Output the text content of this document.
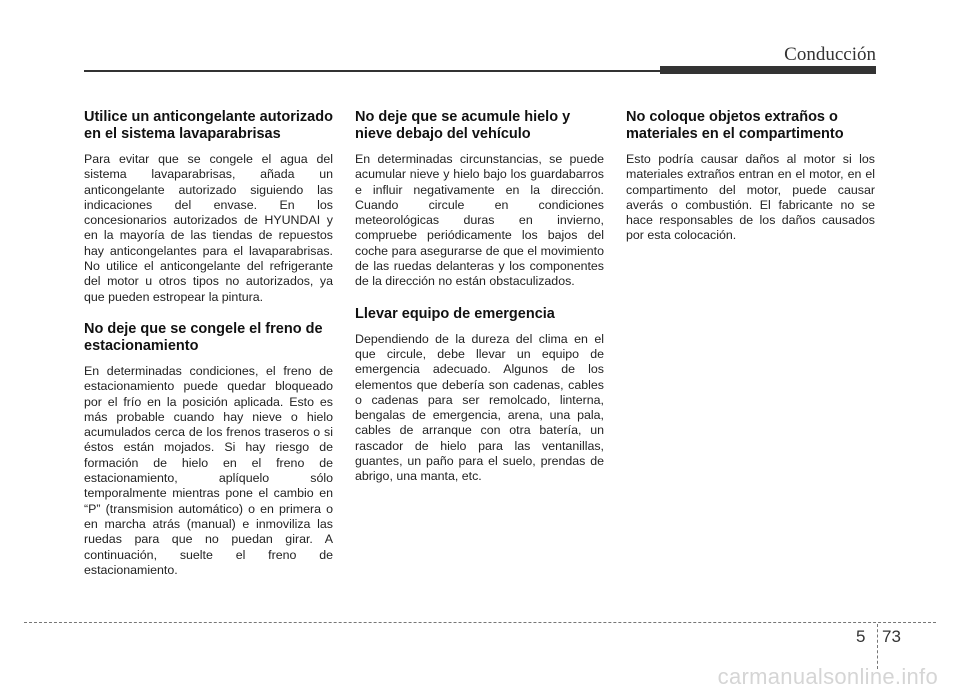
Conducción
Utilice un anticongelante autorizado en el sistema lavaparabrisas

Para evitar que se congele el agua del sistema lavaparabrisas, añada un anticongelante autorizado siguiendo las indicaciones del envase. En los concesionarios autorizados de HYUNDAI y en la mayoría de las tiendas de repuestos hay anticongelantes para el lavaparabrisas. No utilice el anticongelante del refrigerante del motor u otros tipos no autorizados, ya que pueden estropear la pintura.

No deje que se congele el freno de estacionamiento

En determinadas condiciones, el freno de estacionamiento puede quedar bloqueado por el frío en la posición aplicada. Esto es más probable cuando hay nieve o hielo acumulados cerca de los frenos traseros o si éstos están mojados. Si hay riesgo de formación de hielo en el freno de estacionamiento, aplíquelo sólo temporalmente mientras pone el cambio en “P” (transmision automático) o en primera o en marcha atrás (manual) e inmoviliza las ruedas para que no puedan girar. A continuación, suelte el freno de estacionamiento.

No deje que se acumule hielo y nieve debajo del vehículo

En determinadas circunstancias, se puede acumular nieve y hielo bajo los guardabarros e influir negativamente en la dirección. Cuando circule en condiciones meteorológicas duras en invierno, compruebe periódicamente los bajos del coche para asegurarse de que el movimiento de las ruedas delanteras y los componentes de la dirección no están obstaculizados.

Llevar equipo de emergencia

Dependiendo de la dureza del clima en el que circule, debe llevar un equipo de emergencia adecuado. Algunos de los elementos que debería son cadenas, cables o cadenas para ser remolcado, linterna, bengalas de emergencia, arena, una pala, cables de arranque con otra batería, un rascador de hielo para las ventanillas, guantes, un paño para el suelo, prendas de abrigo, una manta, etc.

No coloque objetos extraños o materiales en el compartimento

Esto podría causar daños al motor si los materiales extraños entran en el motor, en el compartimento del motor, puede causar averás o combustión. El fabricante no se hace responsables de los daños causados por esta colocación.

5 73
carmanualsonline.info
